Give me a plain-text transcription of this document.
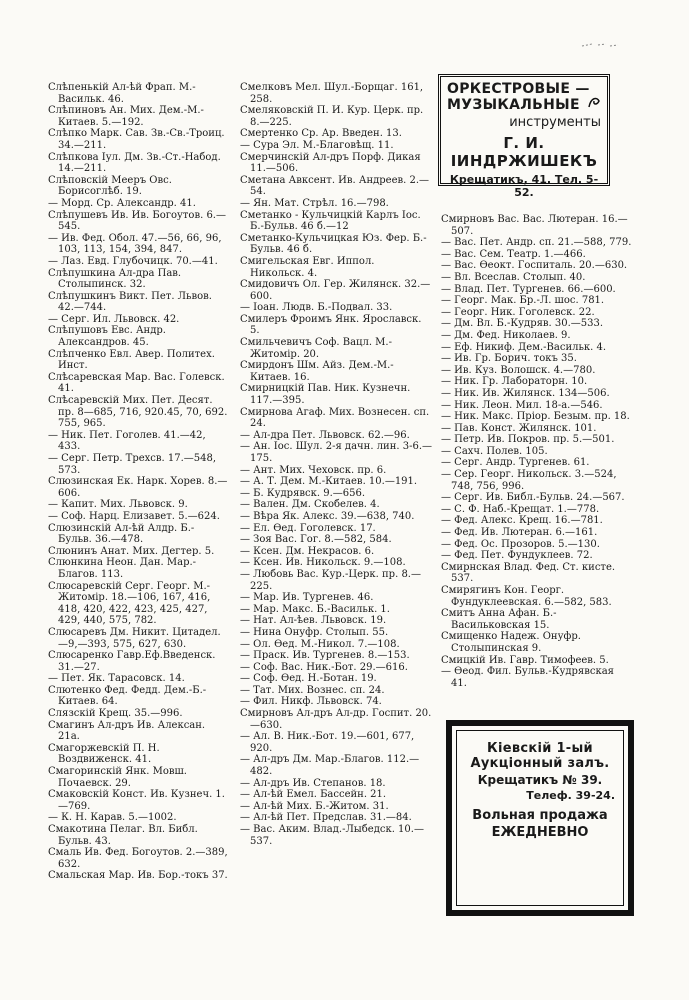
Слѣпенькій Ал-ѣй Фрап. М.-Васильк. 46.
Слѣпиновъ Ан. Мих. Дем.-М.-Китаев. 5.—192.
Слѣпко Марк. Сав. Зв.-Св.-Троиц. 34.—211.
Слѣпкова Іул. Дм. Зв.-Ст.-Набод. 14.—211.
Слѣповскій Мееръ Овс. Борисоглѣб. 19.
— Морд. Ср. Александр. 41.
Слѣпушевъ Ив. Ив. Богоутов. 6.—545.
— Ив. Фед. Обол. 47.—56, 66, 96, 103, 113, 154, 394, 847.
— Лаз. Евд. Глубочицк. 70.—41.
Слѣпушкина Ал-дра Пав. Столыпинск. 32.
Слѣпушкинъ Викт. Пет. Львов. 42.—744.
— Серг. Ил. Львовск. 42.
Слѣпушовъ Евс. Андр. Александров. 45.
Слѣпченко Евл. Авер. Политех. Инст.
Слѣсаревская Мар. Вас. Голевск. 41.
Слѣсаревскій Мих. Пет. Десят. пр. 8—685, 716, 920.45, 70, 692. 755, 965.
— Ник. Пет. Гоголев. 41.—42, 433.
— Серг. Петр. Трехсв. 17.—548, 573.
Слюзинская Ек. Нарк. Хорев. 8.—606.
— Капит. Мих. Львовск. 9.
— Соф. Нарц. Елизавет. 5.—624.
Слюзинскій Ал-ѣй Алдр. Б.-Бульв. 36.—478.
Слюнинъ Анат. Мих. Дегтер. 5.
Слюнкина Неон. Дан. Мар.-Благов. 113.
Слюсаревскій Серг. Георг. М.-Житомір. 18.—106, 167, 416, 418, 420, 422, 423, 425, 427, 429, 440, 575, 782.
Слюсаревъ Дм. Никит. Цитадел.—9,—393, 575, 627, 630.
Слюсаренко Гавр.Еф.Введенск. 31.—27.
— Пет. Як. Тарасовск. 14.
Слютенко Фед. Федд. Дем.-Б.-Китаев. 64.
Слязскій Крещ. 35.—996.
Смагинъ Ал-дръ Ив. Алексан. 21а.
Смагоржевскій П. Н. Воздвиженск. 41.
Смагоринскій Янк. Мовш. Почаевск. 29.
Смаковскій Конст. Ив. Кузнеч. 1.—769.
— К. Н. Карав. 5.—1002.
Смакотина Пелаг. Вл. Библ. Бульв. 43.
Смаль Ив. Фед. Богоутов. 2.—389, 632.
Смальская Мар. Ив. Бор.-токъ 37.
Смелковъ Мел. Шул.-Борщаг. 161, 258.
Смеляковскій П. И. Кур. Церк. пр. 8.—225.
Смертенко Ср. Ар. Введен. 13.
— Сура Эл. М.-Благовѣщ. 11.
Смерчинскій Ал-дръ Порф. Дикая 11.—506.
Сметана Авксент. Ив. Андреев. 2.—54.
— Ян. Мат. Стрѣл. 16.—798.
Сметанко - Кульчицкій Карлъ Іос. Б.-Бульв. 46 б.—12
Сметанко-Кульчицкая Юз. Фер. Б.-Бульв. 46 б.
Смигельская Евг. Иппол. Никольск. 4.
Смидовичъ Ол. Гер. Жилянск. 32.—600.
— Іоан. Людв. Б.-Подвал. 33.
Смилеръ Фроимъ Янк. Ярославск. 5.
Смильчевичъ Соф. Вацл. М.-Житомір. 20.
Смирдонъ Шм. Айз. Дем.-М.-Китаев. 16.
Смирницкій Пав. Ник. Кузнечн. 117.—395.
Смирнова Агаф. Мих. Вознесен. сп. 24.
— Ал-дра Пет. Львовск. 62.—96.
— Ан. Іос. Шул. 2-я дачн. лин. 3-6.—175.
— Ант. Мих. Чеховск. пр. 6.
— А. Т. Дем. М.-Китаев. 10.—191.
— Б. Кудрявск. 9.—656.
— Вален. Дм. Скобелев. 4.
— Вѣра Як. Алекс. 39.—638, 740.
— Ел. Ѳед. Гоголевск. 17.
— Зоя Вас. Гог. 8.—582, 584.
— Ксен. Дм. Некрасов. 6.
— Ксен. Ив. Никольск. 9.—108.
— Любовь Вас. Кур.-Церк. пр. 8.—225.
— Мар. Ив. Тургенев. 46.
— Мар. Макс. Б.-Васильк. 1.
— Нат. Ал-ѣев. Львовск. 19.
— Нина Онуфр. Столып. 55.
— Ол. Ѳед. М.-Никол. 7.—108.
— Праск. Ив. Тургенев. 8.—153.
— Соф. Вас. Ник.-Бот. 29.—616.
— Соф. Ѳед. Н.-Ботан. 19.
— Тат. Мих. Вознес. сп. 24.
— Фил. Никф. Львовск. 74.
Смирновъ Ал-дръ Ал-др. Госпит. 20.—630.
— Ал. В. Ник.-Бот. 19.—601, 677, 920.
— Ал-дръ Дм. Мар.-Благов. 112.—482.
— Ал-дръ Ив. Степанов. 18.
— Ал-ѣй Емел. Бассейн. 21.
— Ал-ѣй Мих. Б.-Житом. 31.
— Ал-ѣй Пет. Предслав. 31.—84.
— Вас. Аким. Влад.-Лыбедск. 10.—537.
ОРКЕСТРОВЫЕ —
МУЗЫКАЛЬНЫЕ
инструменты
Г. И. ІИНДРЖИШЕКЪ
Крещатикъ, 41. Тел. 5-52.
Смирновъ Вас. Вас. Лютеран. 16.—507.
— Вас. Пет. Андр. сп. 21.—588, 779.
— Вас. Сем. Театр. 1.—466.
— Вас. Ѳеокт. Госпиталь. 20.—630.
— Вл. Всеслав. Столып. 40.
— Влад. Пет. Тургенев. 66.—600.
— Георг. Мак. Бр.-Л. шос. 781.
— Георг. Ник. Гоголевск. 22.
— Дм. Вл. Б.-Кудряв. 30.—533.
— Дм. Фед. Николаев. 9.
— Еф. Никиф. Дем.-Васильк. 4.
— Ив. Гр. Борич. токъ 35.
— Ив. Куз. Волошск. 4.—780.
— Ник. Гр. Лабораторн. 10.
— Ник. Ив. Жилянск. 134—506.
— Ник. Леон. Мил. 18-а.—546.
— Ник. Макс. Пріор. Безым. пр. 18.
— Пав. Конст. Жилянск. 101.
— Петр. Ив. Покров. пр. 5.—501.
— Сахч. Полев. 105.
— Серг. Андр. Тургенев. 61.
— Сер. Георг. Никольск. 3.—524, 748, 756, 996.
— Серг. Ив. Библ.-Бульв. 24.—567.
— С. Ф. Наб.-Крещат. 1.—778.
— Фед. Алекс. Крещ. 16.—781.
— Фед. Ив. Лютеран. 6.—161.
— Фед. Ос. Прозоров. 5.—130.
— Фед. Пет. Фундуклеев. 72.
Смирнская Влад. Фед. Ст. кисте. 537.
Смирягинъ Кон. Георг. Фундуклеевская. 6.—582, 583.
Смитъ Анна Афан. Б.-Васильковская 15.
Смищенко Надеж. Онуфр. Столыпинская 9.
Смицкій Ив. Гавр. Тимофеев. 5.
— Ѳеод. Фил. Бульв.-Кудрявская 41.
Кіевскій 1-ый
Аукціонный залъ.
Крещатикъ № 39.
Телеф. 39-24.
Вольная продажа
ЕЖЕДНЕВНО
